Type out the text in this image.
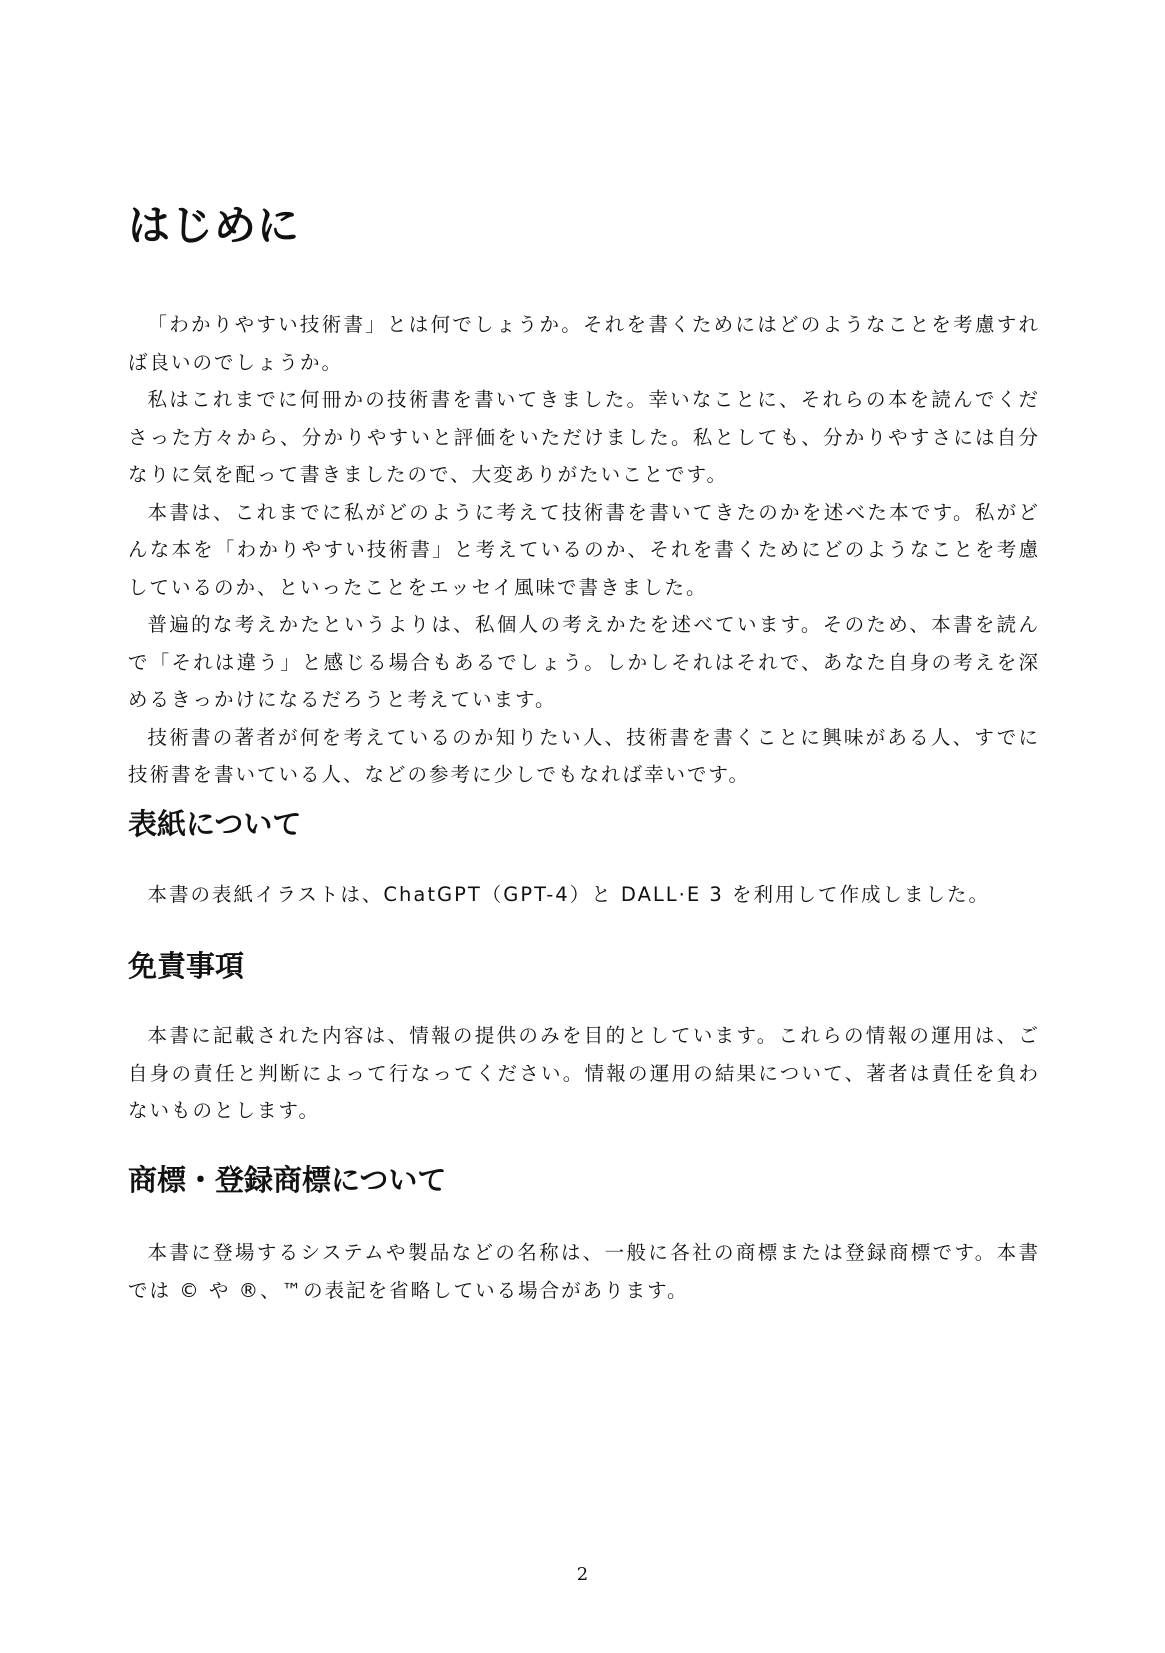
はじめに

「わかりやすい技術書」とは何でしょうか。それを書くためにはどのようなことを考慮すれば良いのでしょうか。

私はこれまでに何冊かの技術書を書いてきました。幸いなことに、それらの本を読んでくださった方々から、分かりやすいと評価をいただけました。私としても、分かりやすさには自分なりに気を配って書きましたので、大変ありがたいことです。

本書は、これまでに私がどのように考えて技術書を書いてきたのかを述べた本です。私がどんな本を「わかりやすい技術書」と考えているのか、それを書くためにどのようなことを考慮しているのか、といったことをエッセイ風味で書きました。

普遍的な考えかたというよりは、私個人の考えかたを述べています。そのため、本書を読んで「それは違う」と感じる場合もあるでしょう。しかしそれはそれで、あなた自身の考えを深めるきっかけになるだろうと考えています。

技術書の著者が何を考えているのか知りたい人、技術書を書くことに興味がある人、すでに技術書を書いている人、などの参考に少しでもなれば幸いです。

表紙について

本書の表紙イラストは、ChatGPT（GPT-4）と DALL·E 3 を利用して作成しました。

免責事項

本書に記載された内容は、情報の提供のみを目的としています。これらの情報の運用は、ご自身の責任と判断によって行なってください。情報の運用の結果について、著者は責任を負わないものとします。

商標・登録商標について

本書に登場するシステムや製品などの名称は、一般に各社の商標または登録商標です。本書では © や ®、™の表記を省略している場合があります。

2
